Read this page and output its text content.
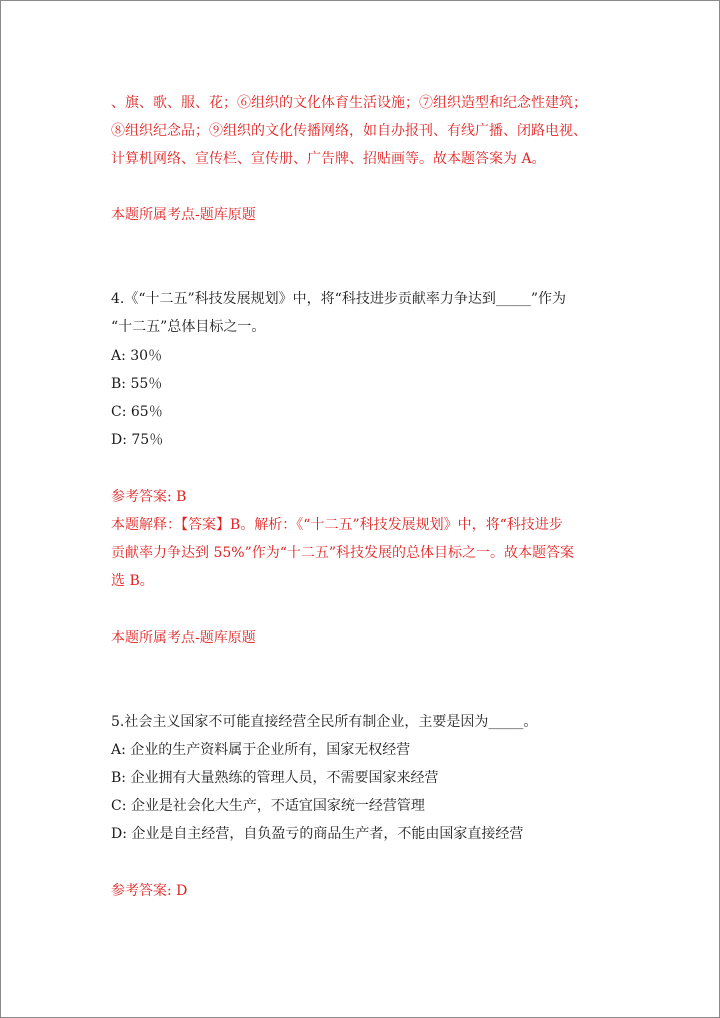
、旗、歌、服、花；⑥组织的文化体育生活设施；⑦组织造型和纪念性建筑；
⑧组织纪念品；⑨组织的文化传播网络，如自办报刊、有线广播、闭路电视、
计算机网络、宣传栏、宣传册、广告牌、招贴画等。故本题答案为 A。
本题所属考点-题库原题
4.《“十二五”科技发展规划》中，将“科技进步贡献率力争达到_____”作为
“十二五”总体目标之一。
A: 30％
B: 55％
C: 65％
D: 75％
参考答案: B
本题解释：【答案】B。解析：《“十二五”科技发展规划》中，将“科技进步
贡献率力争达到 55%”作为“十二五”科技发展的总体目标之一。故本题答案
选 B。
本题所属考点-题库原题
5.社会主义国家不可能直接经营全民所有制企业，主要是因为_____。
A: 企业的生产资料属于企业所有，国家无权经营
B: 企业拥有大量熟练的管理人员，不需要国家来经营
C: 企业是社会化大生产，不适宜国家统一经营管理
D: 企业是自主经营，自负盈亏的商品生产者，不能由国家直接经营
参考答案: D
